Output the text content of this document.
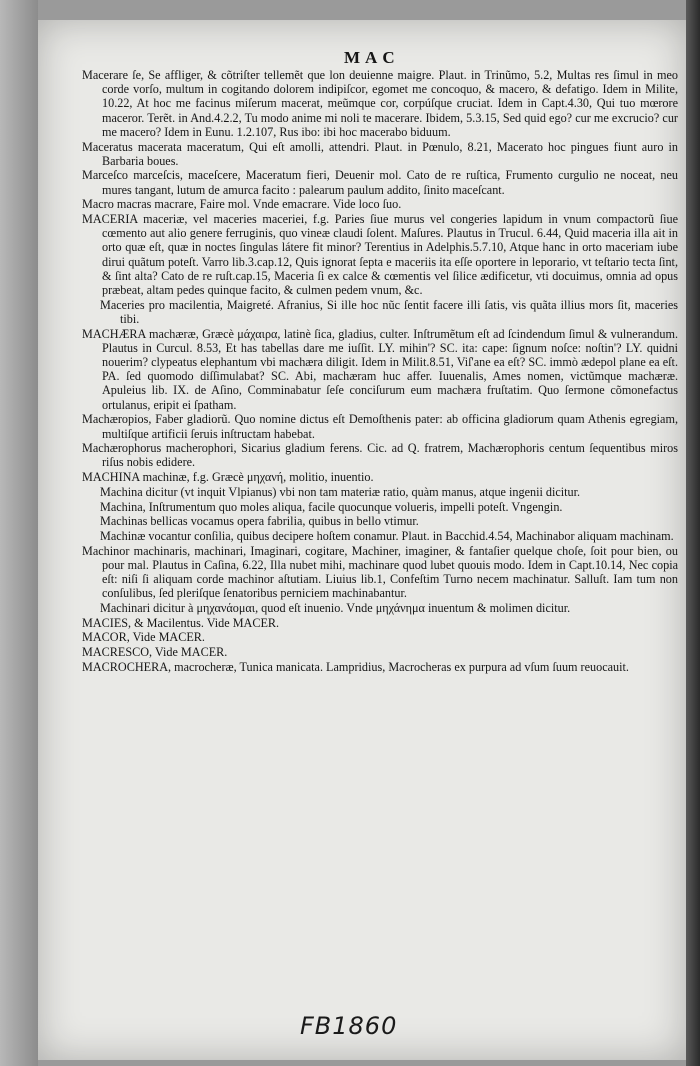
MAC

Macerare ſe, Se affliger, & cõtriſter tellemẽt que lon deuienne maigre. Plaut. in Trinũmo, 5.2, Multas res ſimul in meo corde vorſo, multum in cogitando dolorem indipiſcor, egomet me concoquo, & macero, & defatigo. Idem in Milite, 10.22, At hoc me facinus miſerum macerat, meũmque cor, corpúſque cruciat. Idem in Capt.4.30, Qui tuo mœrore maceror. Terẽt. in And.4.2.2, Tu modo anime mi noli te macerare. Ibidem, 5.3.15, Sed quid ego? cur me excrucio? cur me macero? Idem in Eunu. 1.2.107, Rus ibo: ibi hoc macerabo biduum.

Maceratus macerata maceratum, Qui eſt amolli, attendri. Plaut. in Pœnulo, 8.21, Macerato hoc pingues fiunt auro in Barbaria boues.

Marceſco marceſcis, maceſcere, Maceratum fieri, Deuenir mol. Cato de re ruſtica, Frumento curgulio ne noceat, neu mures tangant, lutum de amurca facito : palearum paulum addito, ſinito maceſcant.

Macro macras macrare, Faire mol. Vnde emacrare. Vide loco ſuo.

MACERIA maceriæ, vel maceries maceriei, f.g. Paries ſiue murus vel congeries lapidum in vnum compactorũ ſiue cœmento aut alio genere ferruginis, quo vineæ claudi ſolent. Maſures. Plautus in Trucul. 6.44, Quid maceria illa ait in orto quæ eſt, quæ in noctes ſingulas látere fit minor? Terentius in Adelphis.5.7.10, Atque hanc in orto maceriam iube dirui quãtum poteſt. Varro lib.3.cap.12, Quis ignorat ſepta e maceriis ita eſſe oportere in leporario, vt teſtario tecta ſint, & ſint alta? Cato de re ruſt.cap.15, Maceria ſi ex calce & cœmentis vel ſilice ædificetur, vti docuimus, omnia ad opus præbeat, altam pedes quinque facito, & culmen pedem vnum, &c.

Maceries pro macilentia, Maigreté. Afranius, Si ille hoc nũc ſentit facere illi ſatis, vis quãta illius mors ſit, maceries tibi.

MACHÆRA machæræ, Græcè μάχαιρα, latinè ſica, gladius, culter. Inſtrumẽtum eſt ad ſcindendum ſimul & vulnerandum. Plautus in Curcul. 8.53, Et has tabellas dare me iuſſit. LY. mihin'? SC. ita: cape: ſignum noſce: noſtin'? LY. quidni nouerim? clypeatus elephantum vbi machæra diligit. Idem in Milit.8.51, Viſ'ane ea eſt? SC. immò ædepol plane ea eſt. PA. ſed quomodo diſſimulabat? SC. Abi, machæram huc affer. Iuuenalis, Ames nomen, victũmque machæræ. Apuleius lib. IX. de Aſino, Comminabatur ſeſe conciſurum eum machæra fruſtatim. Quo ſermone cõmonefactus ortulanus, eripit ei ſpatham.

Machæropios, Faber gladiorũ. Quo nomine dictus eſt Demoſthenis pater: ab officina gladiorum quam Athenis egregiam, multiſque artificii ſeruis inſtructam habebat.

Machærophorus macherophori, Sicarius gladium ferens. Cic. ad Q. fratrem, Machærophoris centum ſequentibus miros riſus nobis edidere.

MACHINA machinæ, f.g. Græcè μηχανή, molitio, inuentio.

Machina dicitur (vt inquit Vlpianus) vbi non tam materiæ ratio, quàm manus, atque ingenii dicitur.

Machina, Inſtrumentum quo moles aliqua, facile quocunque volueris, impelli poteſt. Vngengin.

Machinas bellicas vocamus opera fabrilia, quibus in bello vtimur.

Machinæ vocantur conſilia, quibus decipere hoſtem conamur. Plaut. in Bacchid.4.54, Machinabor aliquam machinam.

Machinor machinaris, machinari, Imaginari, cogitare, Machiner, imaginer, & fantaſier quelque choſe, ſoit pour bien, ou pour mal. Plautus in Caſina, 6.22, Illa nubet mihi, machinare quod lubet quouis modo. Idem in Capt.10.14, Nec copia eſt: niſi ſi aliquam corde machinor aſtutiam. Liuius lib.1, Confeſtim Turno necem machinatur. Salluſt. Iam tum non conſulibus, ſed pleriſque ſenatoribus perniciem machinabantur.

Machinari dicitur à μηχανάομαι, quod eſt inuenio. Vnde μηχάνημα inuentum & molimen dicitur.

MACIES, & Macilentus. Vide MACER.

MACOR, Vide MACER.

MACRESCO, Vide MACER.

MACROCHERA, macrocheræ, Tunica manicata. Lampridius, Macrocheras ex purpura ad vſum ſuum reuocauit.

FB1860
